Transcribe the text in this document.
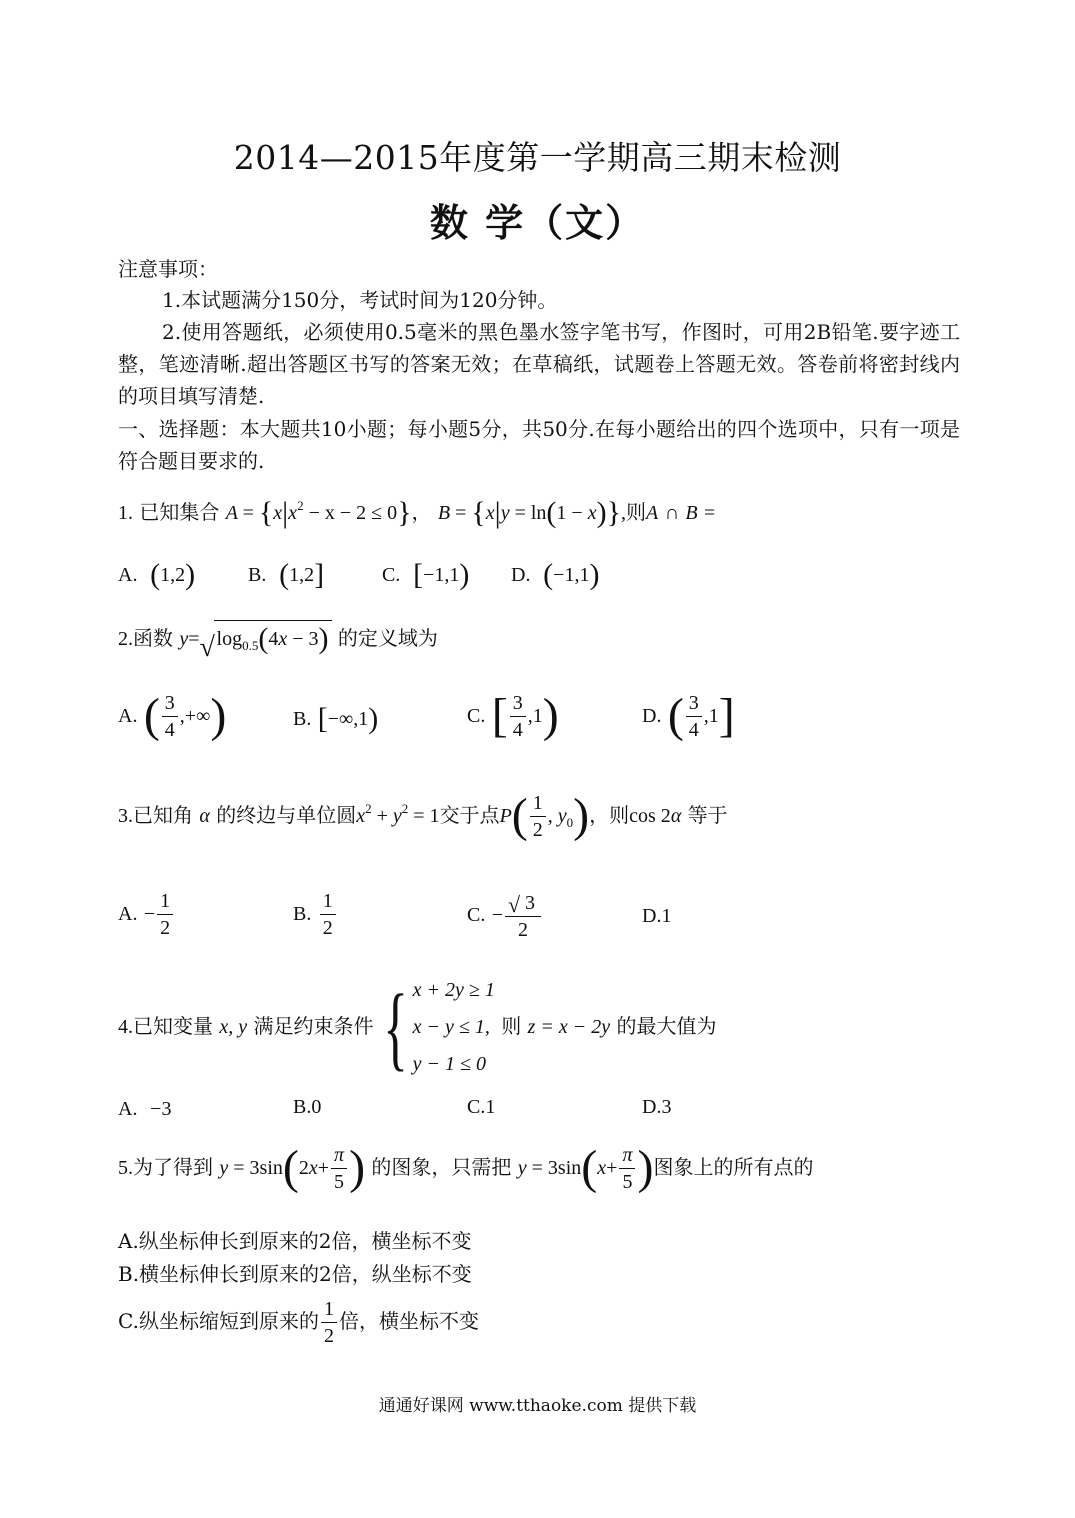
2014—2015年度第一学期高三期末检测
数 学（文）
注意事项：
1.本试题满分150分，考试时间为120分钟。
2.使用答题纸，必须使用0.5毫米的黑色墨水签字笔书写，作图时，可用2B铅笔.要字迹工整，笔迹清晰.超出答题区书写的答案无效；在草稿纸，试题卷上答题无效。答卷前将密封线内的项目填写清楚.
一、选择题：本大题共10小题；每小题5分，共50分.在每小题给出的四个选项中，只有一项是符合题目要求的.
1. 已知集合 $A = \{x|x^2 - x - 2 \le 0\}$， B = {x|y = ln(1 − x)},则A ∩ B =
A. (1,2)	B. (1,2]	C. [−1,1) D. (−1,1)
2.函数 y= √ $\log_{0.5}(4x - 3)$ 的定义域为
A. ( $\frac{3}{4}$ ,+∞)	B. [−∞,1)	C. [ $\frac{3}{4} ,1$)	D. ( $\frac{3}{4} ,1$]
3.已知角 α 的终边与单位圆$x^2 + y^2 = 1$交于点$P( \frac{1}{2}$ , $y_0$)，则cos 2α 等于
A. − $\frac{1}{2}$	B. $\frac{1}{2}$	C. − $\frac{√ 3}{2}$	D.1
4.已知变量 x, y 满足约束条件 { x + 2y ≥ 1
x − y ≤ 1,
y − 1 ≤ 0
则 z = x − 2y 的最大值为
A. −3	B.0	C.1	D.3
5.为了得到 $y = 3\sin(2x+ \frac{\pi}{5}$ ) 的图象，只需把 $y = 3\sin(x+ \frac{\pi}{5}$ )图象上的所有点的
A.纵坐标伸长到原来的2倍，横坐标不变
B.横坐标伸长到原来的2倍，纵坐标不变
C.纵坐标缩短到原来的 $\frac{1}{2}$ 倍，横坐标不变
通通好课网 www.tthaoke.com 提供下载
